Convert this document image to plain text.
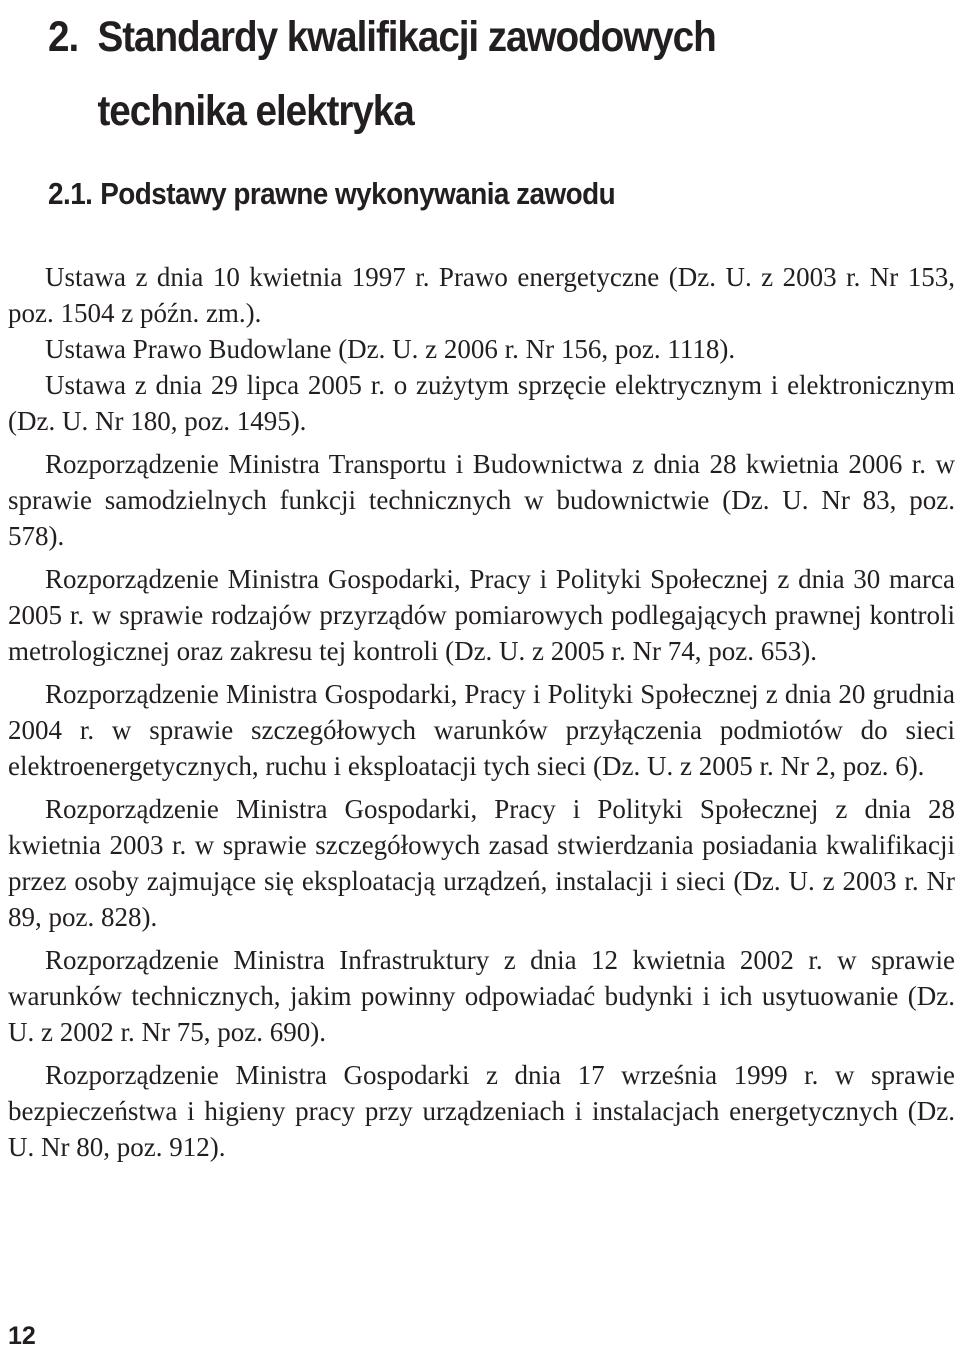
2. Standardy kwalifikacji zawodowych
technika elektryka
2.1. Podstawy prawne wykonywania zawodu

Ustawa z dnia 10 kwietnia 1997 r. Prawo energetyczne (Dz. U. z 2003 r. Nr 153, poz. 1504 z późn. zm.).

Ustawa Prawo Budowlane (Dz. U. z 2006 r. Nr 156, poz. 1118).

Ustawa z dnia 29 lipca 2005 r. o zużytym sprzęcie elektrycznym i elektronicznym (Dz. U. Nr 180, poz. 1495).

Rozporządzenie Ministra Transportu i Budownictwa z dnia 28 kwietnia 2006 r. w sprawie samodzielnych funkcji technicznych w budownictwie (Dz. U. Nr 83, poz. 578).

Rozporządzenie Ministra Gospodarki, Pracy i Polityki Społecznej z dnia 30 marca 2005 r. w sprawie rodzajów przyrządów pomiarowych podlegających prawnej kontroli metrologicznej oraz zakresu tej kontroli (Dz. U. z 2005 r. Nr 74, poz. 653).

Rozporządzenie Ministra Gospodarki, Pracy i Polityki Społecznej z dnia 20 grudnia 2004 r. w sprawie szczegółowych warunków przyłączenia podmiotów do sieci elektroenergetycznych, ruchu i eksploatacji tych sieci (Dz. U. z 2005 r. Nr 2, poz. 6).

Rozporządzenie Ministra Gospodarki, Pracy i Polityki Społecznej z dnia 28 kwietnia 2003 r. w sprawie szczegółowych zasad stwierdzania posiadania kwalifikacji przez osoby zajmujące się eksploatacją urządzeń, instalacji i sieci (Dz. U. z 2003 r. Nr 89, poz. 828).

Rozporządzenie Ministra Infrastruktury z dnia 12 kwietnia 2002 r. w sprawie warunków technicznych, jakim powinny odpowiadać budynki i ich usytuowanie (Dz. U. z 2002 r. Nr 75, poz. 690).

Rozporządzenie Ministra Gospodarki z dnia 17 września 1999 r. w sprawie bezpieczeństwa i higieny pracy przy urządzeniach i instalacjach energetycznych (Dz. U. Nr 80, poz. 912).

12
